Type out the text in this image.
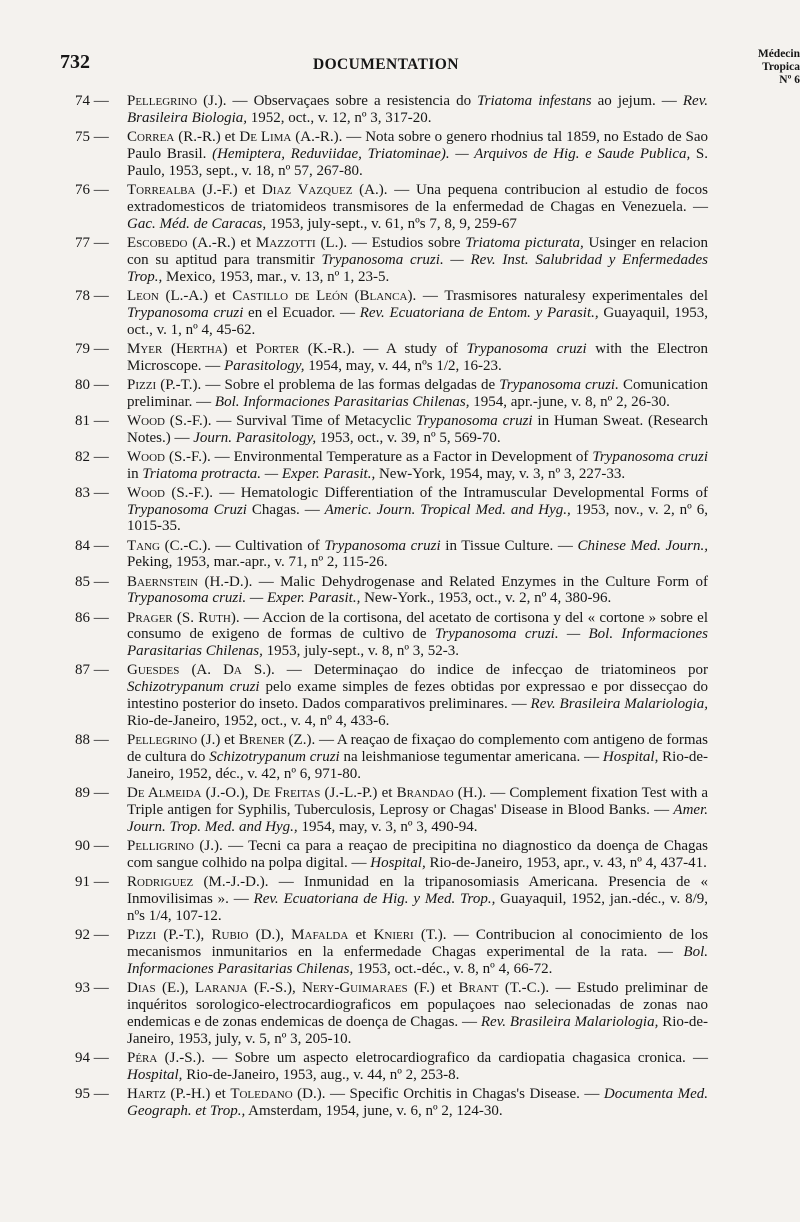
732	DOCUMENTATION
Médecin
Tropica
Nº 6
74 —	Pellegrino (J.). — Observaçaes sobre a resistencia do Triatoma infestans ao jejum. — Rev. Brasileira Biologia, 1952, oct., v. 12, nº 3, 317-20.
75 —	Correa (R.-R.) et De Lima (A.-R.). — Nota sobre o genero rhodnius tal 1859, no Estado de Sao Paulo Brasil. (Hemiptera, Reduviidae, Triatominae). — Arquivos de Hig. e Saude Publica, S. Paulo, 1953, sept., v. 18, nº 57, 267-80.
76 —	Torrealba (J.-F.) et Diaz Vazquez (A.). — Una pequena contribucion al estudio de focos extradomesticos de triatomideos transmisores de la enfermedad de Chagas en Venezuela. — Gac. Méd. de Caracas, 1953, july-sept., v. 61, nºs 7, 8, 9, 259-67
77 —	Escobedo (A.-R.) et Mazzotti (L.). — Estudios sobre Triatoma picturata, Usinger en relacion con su aptitud para transmitir Trypanosoma cruzi. — Rev. Inst. Salubridad y Enfermedades Trop., Mexico, 1953, mar., v. 13, nº 1, 23-5.
78 —	Leon (L.-A.) et Castillo de León (Blanca). — Trasmisores naturalesy experimentales del Trypanosoma cruzi en el Ecuador. — Rev. Ecuatoriana de Entom. y Parasit., Guayaquil, 1953, oct., v. 1, nº 4, 45-62.
79 —	Myer (Hertha) et Porter (K.-R.). — A study of Trypanosoma cruzi with the Electron Microscope. — Parasitology, 1954, may, v. 44, nºs 1/2, 16-23.
80 —	Pizzi (P.-T.). — Sobre el problema de las formas delgadas de Trypanosoma cruzi. Comunication preliminar. — Bol. Informaciones Parasitarias Chilenas, 1954, apr.-june, v. 8, nº 2, 26-30.
81 —	Wood (S.-F.). — Survival Time of Metacyclic Trypanosoma cruzi in Human Sweat. (Research Notes.) — Journ. Parasitology, 1953, oct., v. 39, nº 5, 569-70.
82 —	Wood (S.-F.). — Environmental Temperature as a Factor in Development of Trypanosoma cruzi in Triatoma protracta. — Exper. Parasit., New-York, 1954, may, v. 3, nº 3, 227-33.
83 —	Wood (S.-F.). — Hematologic Differentiation of the Intramuscular Developmental Forms of Trypanosoma Cruzi Chagas. — Americ. Journ. Tropical Med. and Hyg., 1953, nov., v. 2, nº 6, 1015-35.
84 —	Tang (C.-C.). — Cultivation of Trypanosoma cruzi in Tissue Culture. — Chinese Med. Journ., Peking, 1953, mar.-apr., v. 71, nº 2, 115-26.
85 —	Baernstein (H.-D.). — Malic Dehydrogenase and Related Enzymes in the Culture Form of Trypanosoma cruzi. — Exper. Parasit., New-York., 1953, oct., v. 2, nº 4, 380-96.
86 —	Prager (S. Ruth). — Accion de la cortisona, del acetato de cortisona y del « cortone » sobre el consumo de exigeno de formas de cultivo de Trypanosoma cruzi. — Bol. Informaciones Parasitarias Chilenas, 1953, july-sept., v. 8, nº 3, 52-3.
87 —	Guesdes (A. Da S.). — Determinaçao do indice de infecçao de triatomineos por Schizotrypanum cruzi pelo exame simples de fezes obtidas por expressao e por dissecçao do intestino posterior do inseto. Dados comparativos preliminares. — Rev. Brasileira Malariologia, Rio-de-Janeiro, 1952, oct., v. 4, nº 4, 433-6.
88 —	Pellegrino (J.) et Brener (Z.). — A reaçao de fixaçao do complemento com antigeno de formas de cultura do Schizotrypanum cruzi na leishmaniose tegumentar americana. — Hospital, Rio-de-Janeiro, 1952, déc., v. 42, nº 6, 971-80.
89 —	De Almeida (J.-O.), De Freitas (J.-L.-P.) et Brandao (H.). — Complement fixation Test with a Triple antigen for Syphilis, Tuberculosis, Leprosy or Chagas' Disease in Blood Banks. — Amer. Journ. Trop. Med. and Hyg., 1954, may, v. 3, nº 3, 490-94.
90 —	Pelligrino (J.). — Tecni ca para a reaçao de precipitina no diagnostico da doença de Chagas com sangue colhido na polpa digital. — Hospital, Rio-de-Janeiro, 1953, apr., v. 43, nº 4, 437-41.
91 —	Rodriguez (M.-J.-D.). — Inmunidad en la tripanosomiasis Americana. Presencia de « Inmovilisimas ». — Rev. Ecuatoriana de Hig. y Med. Trop., Guayaquil, 1952, jan.-déc., v. 8/9, nºs 1/4, 107-12.
92 —	Pizzi (P.-T.), Rubio (D.), Mafalda et Knieri (T.). — Contribucion al conocimiento de los mecanismos inmunitarios en la enfermedade Chagas experimental de la rata. — Bol. Informaciones Parasitarias Chilenas, 1953, oct.-déc., v. 8, nº 4, 66-72.
93 —	Dias (E.), Laranja (F.-S.), Nery-Guimaraes (F.) et Brant (T.-C.). — Estudo preliminar de inquéritos sorologico-electrocardiograficos em populaçoes nao selecionadas de zonas nao endemicas e de zonas endemicas de doença de Chagas. — Rev. Brasileira Malariologia, Rio-de-Janeiro, 1953, july, v. 5, nº 3, 205-10.
94 —	Péra (J.-S.). — Sobre um aspecto eletrocardiografico da cardiopatia chagasica cronica. — Hospital, Rio-de-Janeiro, 1953, aug., v. 44, nº 2, 253-8.
95 —	Hartz (P.-H.) et Toledano (D.). — Specific Orchitis in Chagas's Disease. — Documenta Med. Geograph. et Trop., Amsterdam, 1954, june, v. 6, nº 2, 124-30.
